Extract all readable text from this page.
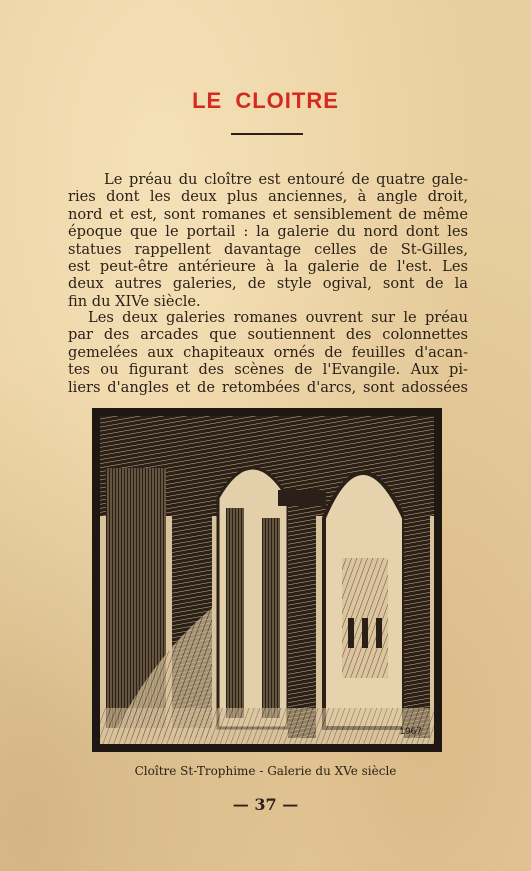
LE CLOITRE
Le préau du cloître est entouré de quatre gale-
ries dont les deux plus anciennes, à angle droit,
nord et est, sont romanes et sensiblement de même
époque que le portail : la galerie du nord dont les
statues rappellent davantage celles de St-Gilles,
est peut-être antérieure à la galerie de l'est. Les
deux autres galeries, de style ogival, sont de la
fin du XIVe siècle.
Les deux galeries romanes ouvrent sur le préau
par des arcades que soutiennent des colonnettes
gemelées aux chapiteaux ornés de feuilles d'acan-
tes ou figurant des scènes de l'Evangile. Aux pi-
liers d'angles et de retombées d'arcs, sont adossées
1967
Cloître St-Trophime - Galerie du XVe siècle
— 37 —
